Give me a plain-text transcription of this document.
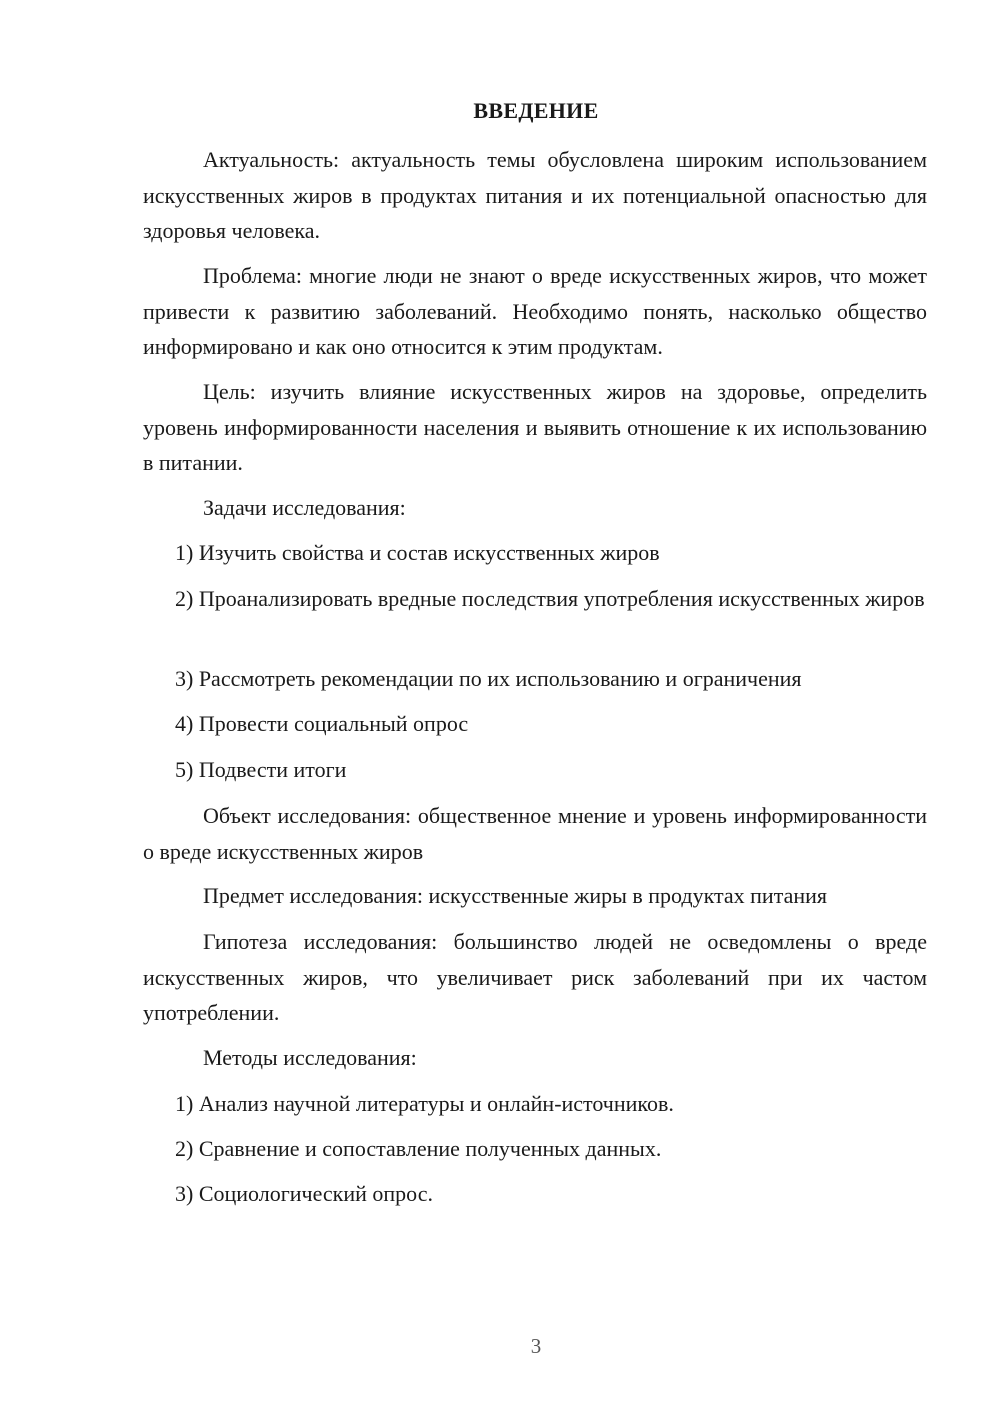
ВВЕДЕНИЕ

Актуальность: актуальность темы обусловлена широким использованием искусственных жиров в продуктах питания и их потенциальной опасностью для здоровья человека.

Проблема: многие люди не знают о вреде искусственных жиров, что может привести к развитию заболеваний. Необходимо понять, насколько общество информировано и как оно относится к этим продуктам.

Цель: изучить влияние искусственных жиров на здоровье, определить уровень информированности населения и выявить отношение к их использованию в питании.

Задачи исследования:

1) Изучить свойства и состав искусственных жиров

2) Проанализировать вредные последствия употребления искусственных жиров

3) Рассмотреть рекомендации по их использованию и ограничения

4) Провести социальный опрос

5) Подвести итоги

Объект исследования: общественное мнение и уровень информированности о вреде искусственных жиров

Предмет исследования: искусственные жиры в продуктах питания

Гипотеза исследования: большинство людей не осведомлены о вреде искусственных жиров, что увеличивает риск заболеваний при их частом употреблении.

Методы исследования:

1) Анализ научной литературы и онлайн-источников.

2) Сравнение и сопоставление полученных данных.

3) Социологический опрос.

3
